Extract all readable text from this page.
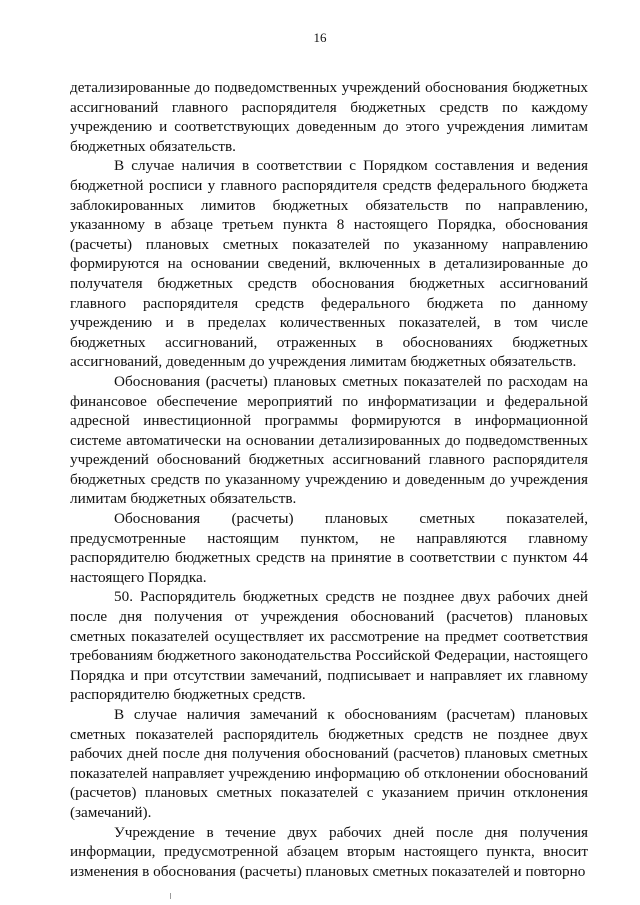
16

детализированные до подведомственных учреждений обоснования бюджетных ассигнований главного распорядителя бюджетных средств по каждому учреждению и соответствующих доведенным до этого учреждения лимитам бюджетных обязательств.

В случае наличия в соответствии с Порядком составления и ведения бюджетной росписи у главного распорядителя средств федерального бюджета заблокированных лимитов бюджетных обязательств по направлению, указанному в абзаце третьем пункта 8 настоящего Порядка, обоснования (расчеты) плановых сметных показателей по указанному направлению формируются на основании сведений, включенных в детализированные до получателя бюджетных средств обоснования бюджетных ассигнований главного распорядителя средств федерального бюджета по данному учреждению и в пределах количественных показателей, в том числе бюджетных ассигнований, отраженных в обоснованиях бюджетных ассигнований, доведенным до учреждения лимитам бюджетных обязательств.

Обоснования (расчеты) плановых сметных показателей по расходам на финансовое обеспечение мероприятий по информатизации и федеральной адресной инвестиционной программы формируются в информационной системе автоматически на основании детализированных до подведомственных учреждений обоснований бюджетных ассигнований главного распорядителя бюджетных средств по указанному учреждению и доведенным до учреждения лимитам бюджетных обязательств.

Обоснования (расчеты) плановых сметных показателей, предусмотренные настоящим пунктом, не направляются главному распорядителю бюджетных средств на принятие в соответствии с пунктом 44 настоящего Порядка.

50. Распорядитель бюджетных средств не позднее двух рабочих дней после дня получения от учреждения обоснований (расчетов) плановых сметных показателей осуществляет их рассмотрение на предмет соответствия требованиям бюджетного законодательства Российской Федерации, настоящего Порядка и при отсутствии замечаний, подписывает и направляет их главному распорядителю бюджетных средств.

В случае наличия замечаний к обоснованиям (расчетам) плановых сметных показателей распорядитель бюджетных средств не позднее двух рабочих дней после дня получения обоснований (расчетов) плановых сметных показателей направляет учреждению информацию об отклонении обоснований (расчетов) плановых сметных показателей с указанием причин отклонения (замечаний).

Учреждение в течение двух рабочих дней после дня получения информации, предусмотренной абзацем вторым настоящего пункта, вносит изменения в обоснования (расчеты) плановых сметных показателей и повторно
